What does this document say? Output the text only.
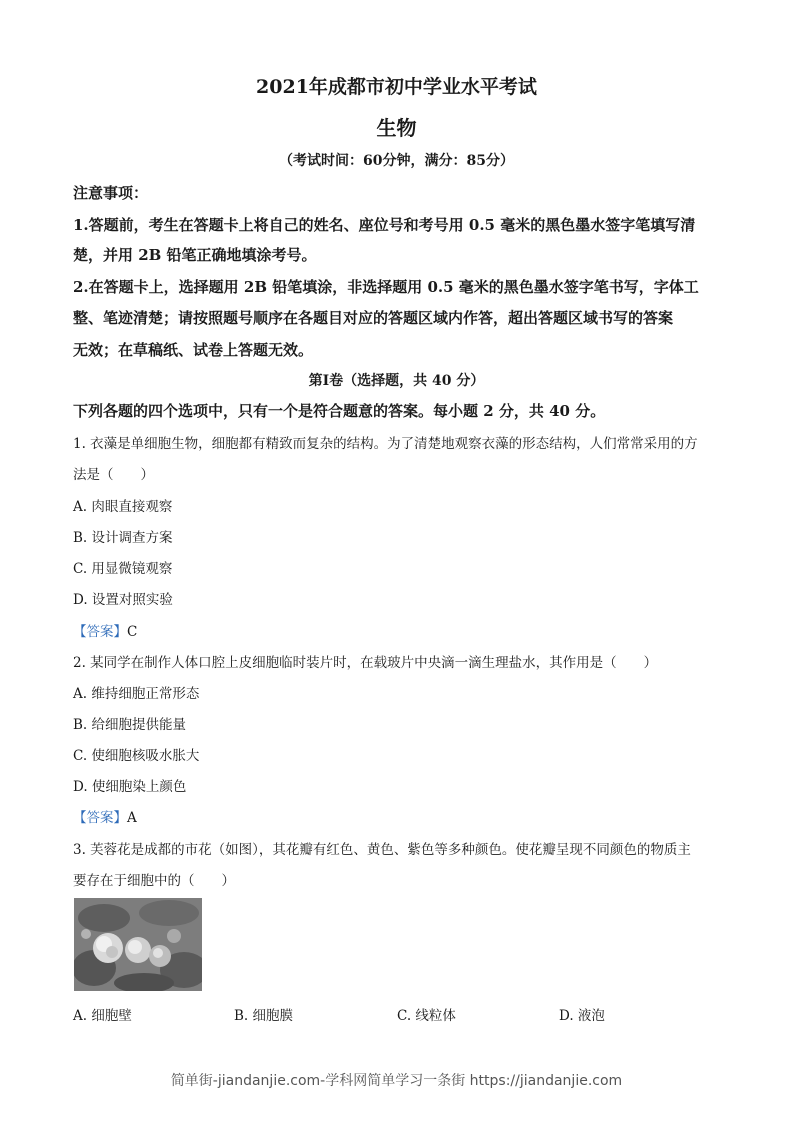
2021年成都市初中学业水平考试
生物
（考试时间：60分钟，满分：85分）
注意事项：
1.答题前，考生在答题卡上将自己的姓名、座位号和考号用 0.5 毫米的黑色墨水签字笔填写清
楚，并用 2B 铅笔正确地填涂考号。
2.在答题卡上，选择题用 2B 铅笔填涂，非选择题用 0.5 毫米的黑色墨水签字笔书写，字体工
整、笔迹清楚；请按照题号顺序在各题目对应的答题区域内作答，超出答题区域书写的答案
无效；在草稿纸、试卷上答题无效。
第Ⅰ卷（选择题，共 40 分）
下列各题的四个选项中，只有一个是符合题意的答案。每小题 2 分，共 40 分。
1. 衣藻是单细胞生物，细胞都有精致而复杂的结构。为了清楚地观察衣藻的形态结构，人们常常采用的方
法是（　　）
A. 肉眼直接观察
B. 设计调查方案
C. 用显微镜观察
D. 设置对照实验
【答案】C
2. 某同学在制作人体口腔上皮细胞临时装片时，在载玻片中央滴一滴生理盐水，其作用是（　　）
A. 维持细胞正常形态
B. 给细胞提供能量
C. 使细胞核吸水胀大
D. 使细胞染上颜色
【答案】A
3. 芙蓉花是成都的市花（如图），其花瓣有红色、黄色、紫色等多种颜色。使花瓣呈现不同颜色的物质主
要存在于细胞中的（　　）
A. 细胞壁	B. 细胞膜	C. 线粒体	D. 液泡
简单街-jiandanjie.com-学科网简单学习一条街 https://jiandanjie.com
